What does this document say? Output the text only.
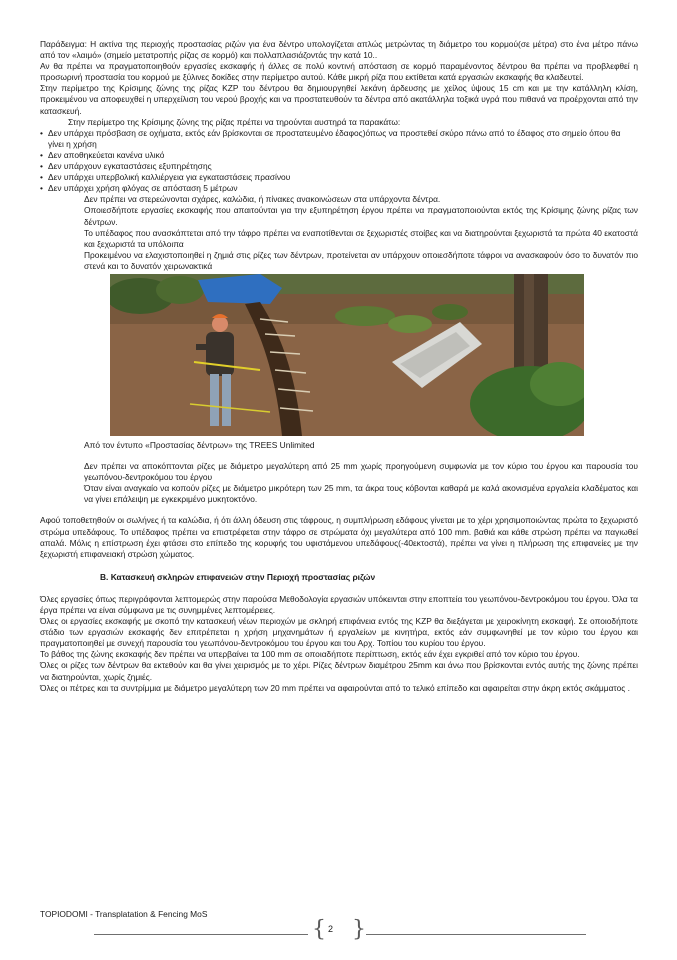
Παράδειγμα: Η ακτίνα της περιοχής προστασίας ριζών για ένα δέντρο υπολογίζεται απλώς μετρώντας τη διάμετρο του κορμού(σε μέτρα) στο ένα μέτρο πάνω από τον «λαιμό» (σημείο μετατροπής ρίζας σε κορμό) και πολλαπλασιάζοντάς την κατά 10..

Αν θα πρέπει να πραγματοποιηθούν εργασίες εκσκαφής ή άλλες σε πολύ κοντινή απόσταση σε κορμό παραμένοντος δέντρου θα πρέπει να προβλεφθεί η προσωρινή προστασία του κορμού με ξύλινες δοκίδες στην περίμετρο αυτού. Κάθε μικρή ρίζα που εκτίθεται κατά εργασιών εκσκαφής θα κλαδευτεί.

Στην περίμετρο της Κρίσιμης ζώνης της ρίζας KZP του δέντρου θα δημιουργηθεί λεκάνη άρδευσης με χείλος ύψους 15 cm και με την κατάλληλη κλίση, προκειμένου να αποφευχθεί η υπερχείλιση του νερού βροχής και να προστατευθούν τα δέντρα από ακατάλληλα τοξικά υγρά που πιθανά να προέρχονται από την κατασκευή.

Στην περίμετρο της Κρίσιμης ζώνης της ρίζας πρέπει να τηρούνται αυστηρά τα παρακάτω:

• Δεν υπάρχει πρόσβαση σε οχήματα, εκτός εάν βρίσκονται σε προστατευμένο έδαφος)όπως να προστεθεί σκύρο πάνω από το έδαφος στο σημείο όπου θα γίνει η χρήση
• Δεν αποθηκεύεται κανένα υλικό
• Δεν υπάρχουν εγκαταστάσεις εξυπηρέτησης
• Δεν υπάρχει υπερβολική καλλιέργεια για εγκαταστάσεις πρασίνου
• Δεν υπάρχει χρήση φλόγας σε απόσταση 5 μέτρων

Δεν πρέπει να στερεώνονται σχάρες, καλώδια, ή πίνακες ανακοινώσεων στα υπάρχοντα δέντρα.

Οποιεσδήποτε εργασίες εκσκαφής που απαιτούνται για την εξυπηρέτηση έργου πρέπει να πραγματοποιούνται εκτός της Κρίσιμης ζώνης ρίζας των δέντρων.

Το υπέδαφος που ανασκάπτεται από την τάφρο πρέπει να εναποτίθενται σε ξεχωριστές στοίβες και να διατηρούνται ξεχωριστά τα πρώτα 40 εκατοστά και ξεχωριστά τα υπόλοιπα

Προκειμένου να ελαχιστοποιηθεί η ζημιά στις ρίζες των δέντρων, προτείνεται αν υπάρχουν οποιεσδήποτε τάφροι να ανασκαφούν όσο το δυνατόν πιο στενά και το δυνατόν χειρωνακτικά

Από τον έντυπο «Προστασίας δέντρων» της TREES Unlimited

Δεν πρέπει να αποκόπτονται ρίζες με διάμετρο μεγαλύτερη από 25 mm χωρίς προηγούμενη συμφωνία με τον κύριο του έργου και παρουσία του γεωπόνου-δεντροκόμου του έργου

Όταν είναι αναγκαίο να κοπούν ρίζες με διάμετρο μικρότερη των 25 mm, τα άκρα τους κόβονται καθαρά με καλά ακονισμένα εργαλεία κλαδέματος και να γίνει επάλειψη με εγκεκριμένο μυκητοκτόνο.

Αφού τοποθετηθούν οι σωλήνες ή τα καλώδια, ή ότι άλλη όδευση στις τάφρους, η συμπλήρωση εδάφους γίνεται με το χέρι χρησιμοποιώντας πρώτα το ξεχωριστό στρώμα υπεδάφους. Το υπέδαφος πρέπει να επιστρέφεται στην τάφρο σε στρώματα όχι μεγαλύτερα από 100 mm. βαθιά και κάθε στρώση πρέπει να παγιωθεί απαλά. Μόλις η επίστρωση έχει φτάσει στο επίπεδο της κορυφής του υφιστάμενου υπεδάφους(-40εκτοστά), πρέπει να γίνει η πλήρωση της επιφανείες με την ξεχωριστή επιφανειακή στρώση χώματος.

Β. Κατασκευή σκληρών επιφανειών στην Περιοχή προστασίας ριζών

Όλες εργασίες όπως περιγράφονται λεπτομερώς στην παρούσα Μεθοδολογία εργασιών υπόκεινται στην εποπτεία του γεωπόνου-δεντροκόμου του έργου. Όλα τα έργα πρέπει να είναι σύμφωνα με τις συνημμένες λεπτομέρειες.

Όλες οι εργασίες εκσκαφής με σκοπό την κατασκευή νέων περιοχών με σκληρή επιφάνεια εντός της KZP θα διεξάγεται με χειροκίνητη εκσκαφή. Σε οποιοδήποτε στάδιο των εργασιών εκσκαφής δεν επιτρέπεται η χρήση μηχανημάτων ή εργαλείων με κινητήρα, εκτός εάν συμφωνηθεί με τον κύριο του έργου και πραγματοποιηθεί με συνεχή παρουσία του γεωπόνου-δεντροκόμου του έργου και του Αρχ. Τοπίου του κυρίου του έργου.

Το βάθος της ζώνης εκσκαφής δεν πρέπει να υπερβαίνει τα 100 mm σε οποιαδήποτε περίπτωση, εκτός εάν έχει εγκριθεί από τον κύριο του έργου.

Όλες οι ρίζες των δέντρων θα εκτεθούν και θα γίνει χειρισμός με το χέρι. Ρίζες δέντρων διαμέτρου 25mm και άνω που βρίσκονται εντός αυτής της ζώνης πρέπει να διατηρούνται, χωρίς ζημιές.

Όλες οι πέτρες και τα συντρίμμια με διάμετρο μεγαλύτερη των 20 mm πρέπει να αφαιρούνται από το τελικό επίπεδο και αφαιρείται στην άκρη εκτός σκάμματος .

TOPIODOMI - Transplatation & Fencing MoS
{ 2 }
